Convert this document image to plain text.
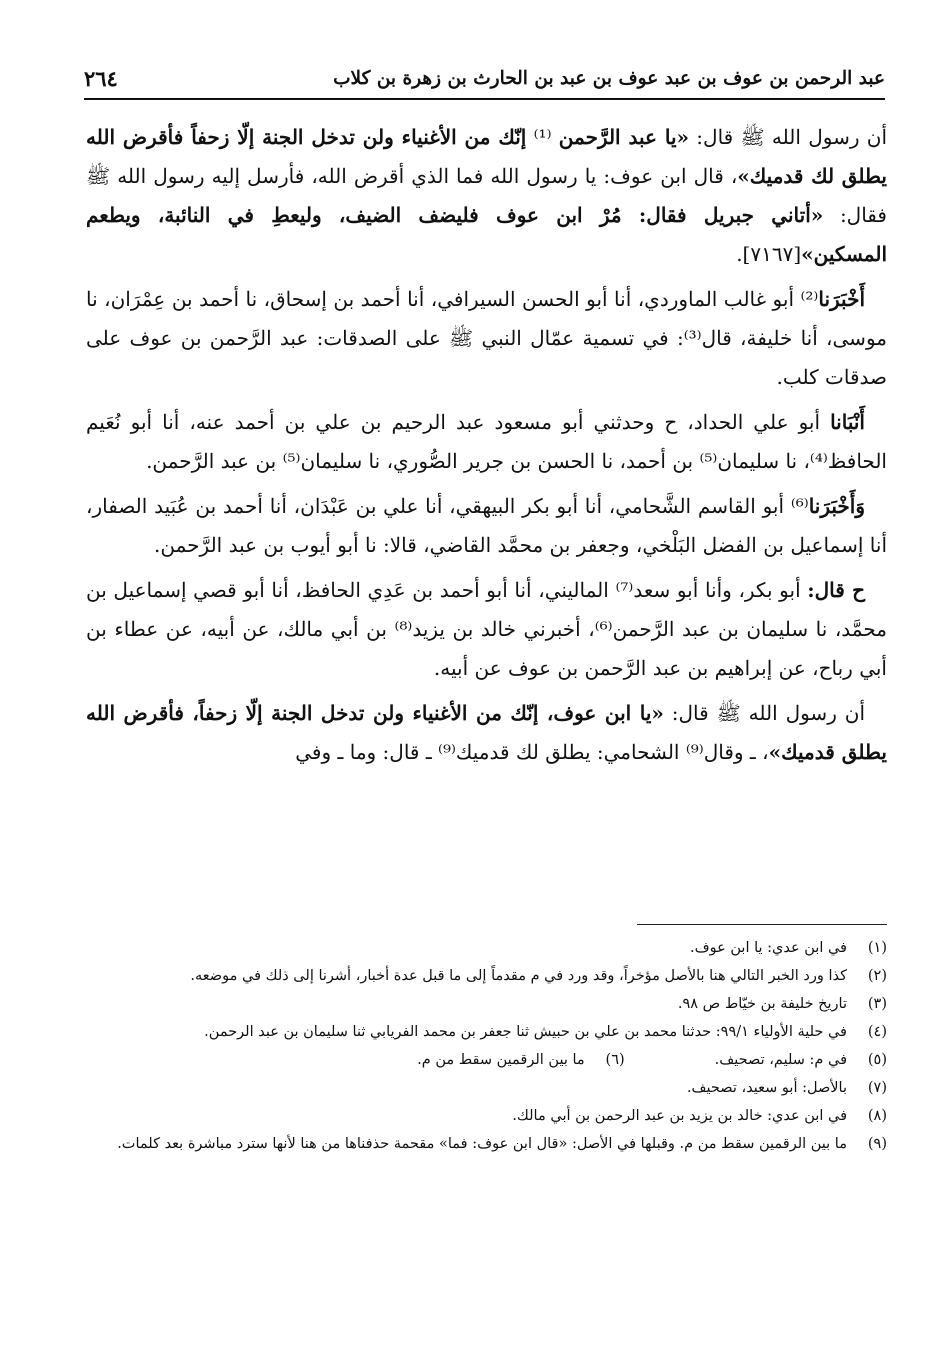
عبد الرحمن بن عوف بن عبد عوف بن عبد بن الحارث بن زهرة بن كلاب
٢٦٤

أن رسول الله ﷺ قال: «يا عبد الرَّحمن ⁽¹⁾ إنّك من الأغنياء ولن تدخل الجنة إلّا زحفاً فأقرض الله يطلق لك قدميك»، قال ابن عوف: يا رسول الله فما الذي أقرض الله، فأرسل إليه رسول الله ﷺ فقال: «أتاني جبريل فقال: مُرْ ابن عوف فليضف الضيف، وليعطِ في النائبة، ويطعم المسكين»[٧١٦٧].

أَخْبَرَنا⁽²⁾ أبو غالب الماوردي، أنا أبو الحسن السيرافي، أنا أحمد بن إسحاق، نا أحمد بن عِمْرَان، نا موسى، أنا خليفة، قال⁽³⁾: في تسمية عمّال النبي ﷺ على الصدقات: عبد الرَّحمن بن عوف على صدقات كلب.

أَنْبَانا أبو علي الحداد، ح وحدثني أبو مسعود عبد الرحيم بن علي بن أحمد عنه، أنا أبو نُعَيم الحافظ⁽⁴⁾، نا سليمان⁽⁵⁾ بن أحمد، نا الحسن بن جرير الصُّوري، نا سليمان⁽⁵⁾ بن عبد الرَّحمن.

وَأَخْبَرَنا⁽⁶⁾ أبو القاسم الشَّحامي، أنا أبو بكر البيهقي، أنا علي بن عَبْدَان، أنا أحمد بن عُبَيد الصفار، أنا إسماعيل بن الفضل البَلْخي، وجعفر بن محمَّد القاضي، قالا: نا أبو أيوب بن عبد الرَّحمن.

ح قال: أبو بكر، وأنا أبو سعد⁽⁷⁾ الماليني، أنا أبو أحمد بن عَدِي الحافظ، أنا أبو قصي إسماعيل بن محمَّد، نا سليمان بن عبد الرَّحمن⁽⁶⁾، أخبرني خالد بن يزيد⁽⁸⁾ بن أبي مالك، عن أبيه، عن عطاء بن أبي رباح، عن إبراهيم بن عبد الرَّحمن بن عوف عن أبيه.

أن رسول الله ﷺ قال: «يا ابن عوف، إنّك من الأغنياء ولن تدخل الجنة إلّا زحفاً، فأقرض الله يطلق قدميك»، ـ وقال⁽⁹⁾ الشحامي: يطلق لك قدميك⁽⁹⁾ ـ قال: وما ـ وفي

(١)
في ابن عدي: يا ابن عوف.
(٢)
كذا ورد الخبر التالي هنا بالأصل مؤخراً، وقد ورد في م مقدماً إلى ما قبل عدة أخبار، أشرنا إلى ذلك في موضعه.
(٣)
تاريخ خليفة بن خيّاط ص ٩٨.
(٤)
في حلية الأولياء ٩٩/١: حدثنا محمد بن علي بن حبيش ثنا جعفر بن محمد الفريابي ثنا سليمان بن عبد الرحمن.
(٥)
في م: سليم، تصحيف.
(٦)
ما بين الرقمين سقط من م.
(٧)
بالأصل: أبو سعيد، تصحيف.
(٨)
في ابن عدي: خالد بن يزيد بن عبد الرحمن بن أبي مالك.
(٩)
ما بين الرقمين سقط من م. وقبلها في الأصل: «قال ابن عوف: فما» مقحمة حذفناها من هنا لأنها سترد مباشرة بعد كلمات.
